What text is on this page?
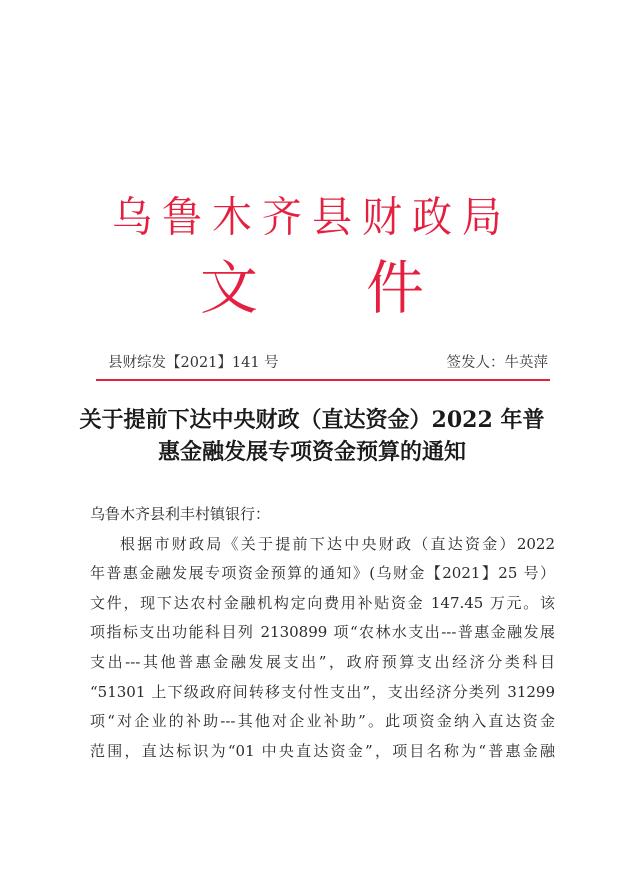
乌鲁木齐县财政局
文 件
县财综发【2021】141 号	签发人：牛英萍
关于提前下达中央财政（直达资金）2022 年普
惠金融发展专项资金预算的通知

乌鲁木齐县利丰村镇银行：

根据市财政局《关于提前下达中央财政（直达资金）2022
年普惠金融发展专项资金预算的通知》(乌财金【2021】25 号）
文件，现下达农村金融机构定向费用补贴资金 147.45 万元。该
项指标支出功能科目列 2130899 项“农林水支出---普惠金融发展
支出---其他普惠金融发展支出”，政府预算支出经济分类科目
“51301 上下级政府间转移支付性支出”，支出经济分类列 31299
项“对企业的补助---其他对企业补助”。此项资金纳入直达资金
范围，直达标识为“01 中央直达资金”，项目名称为“普惠金融
